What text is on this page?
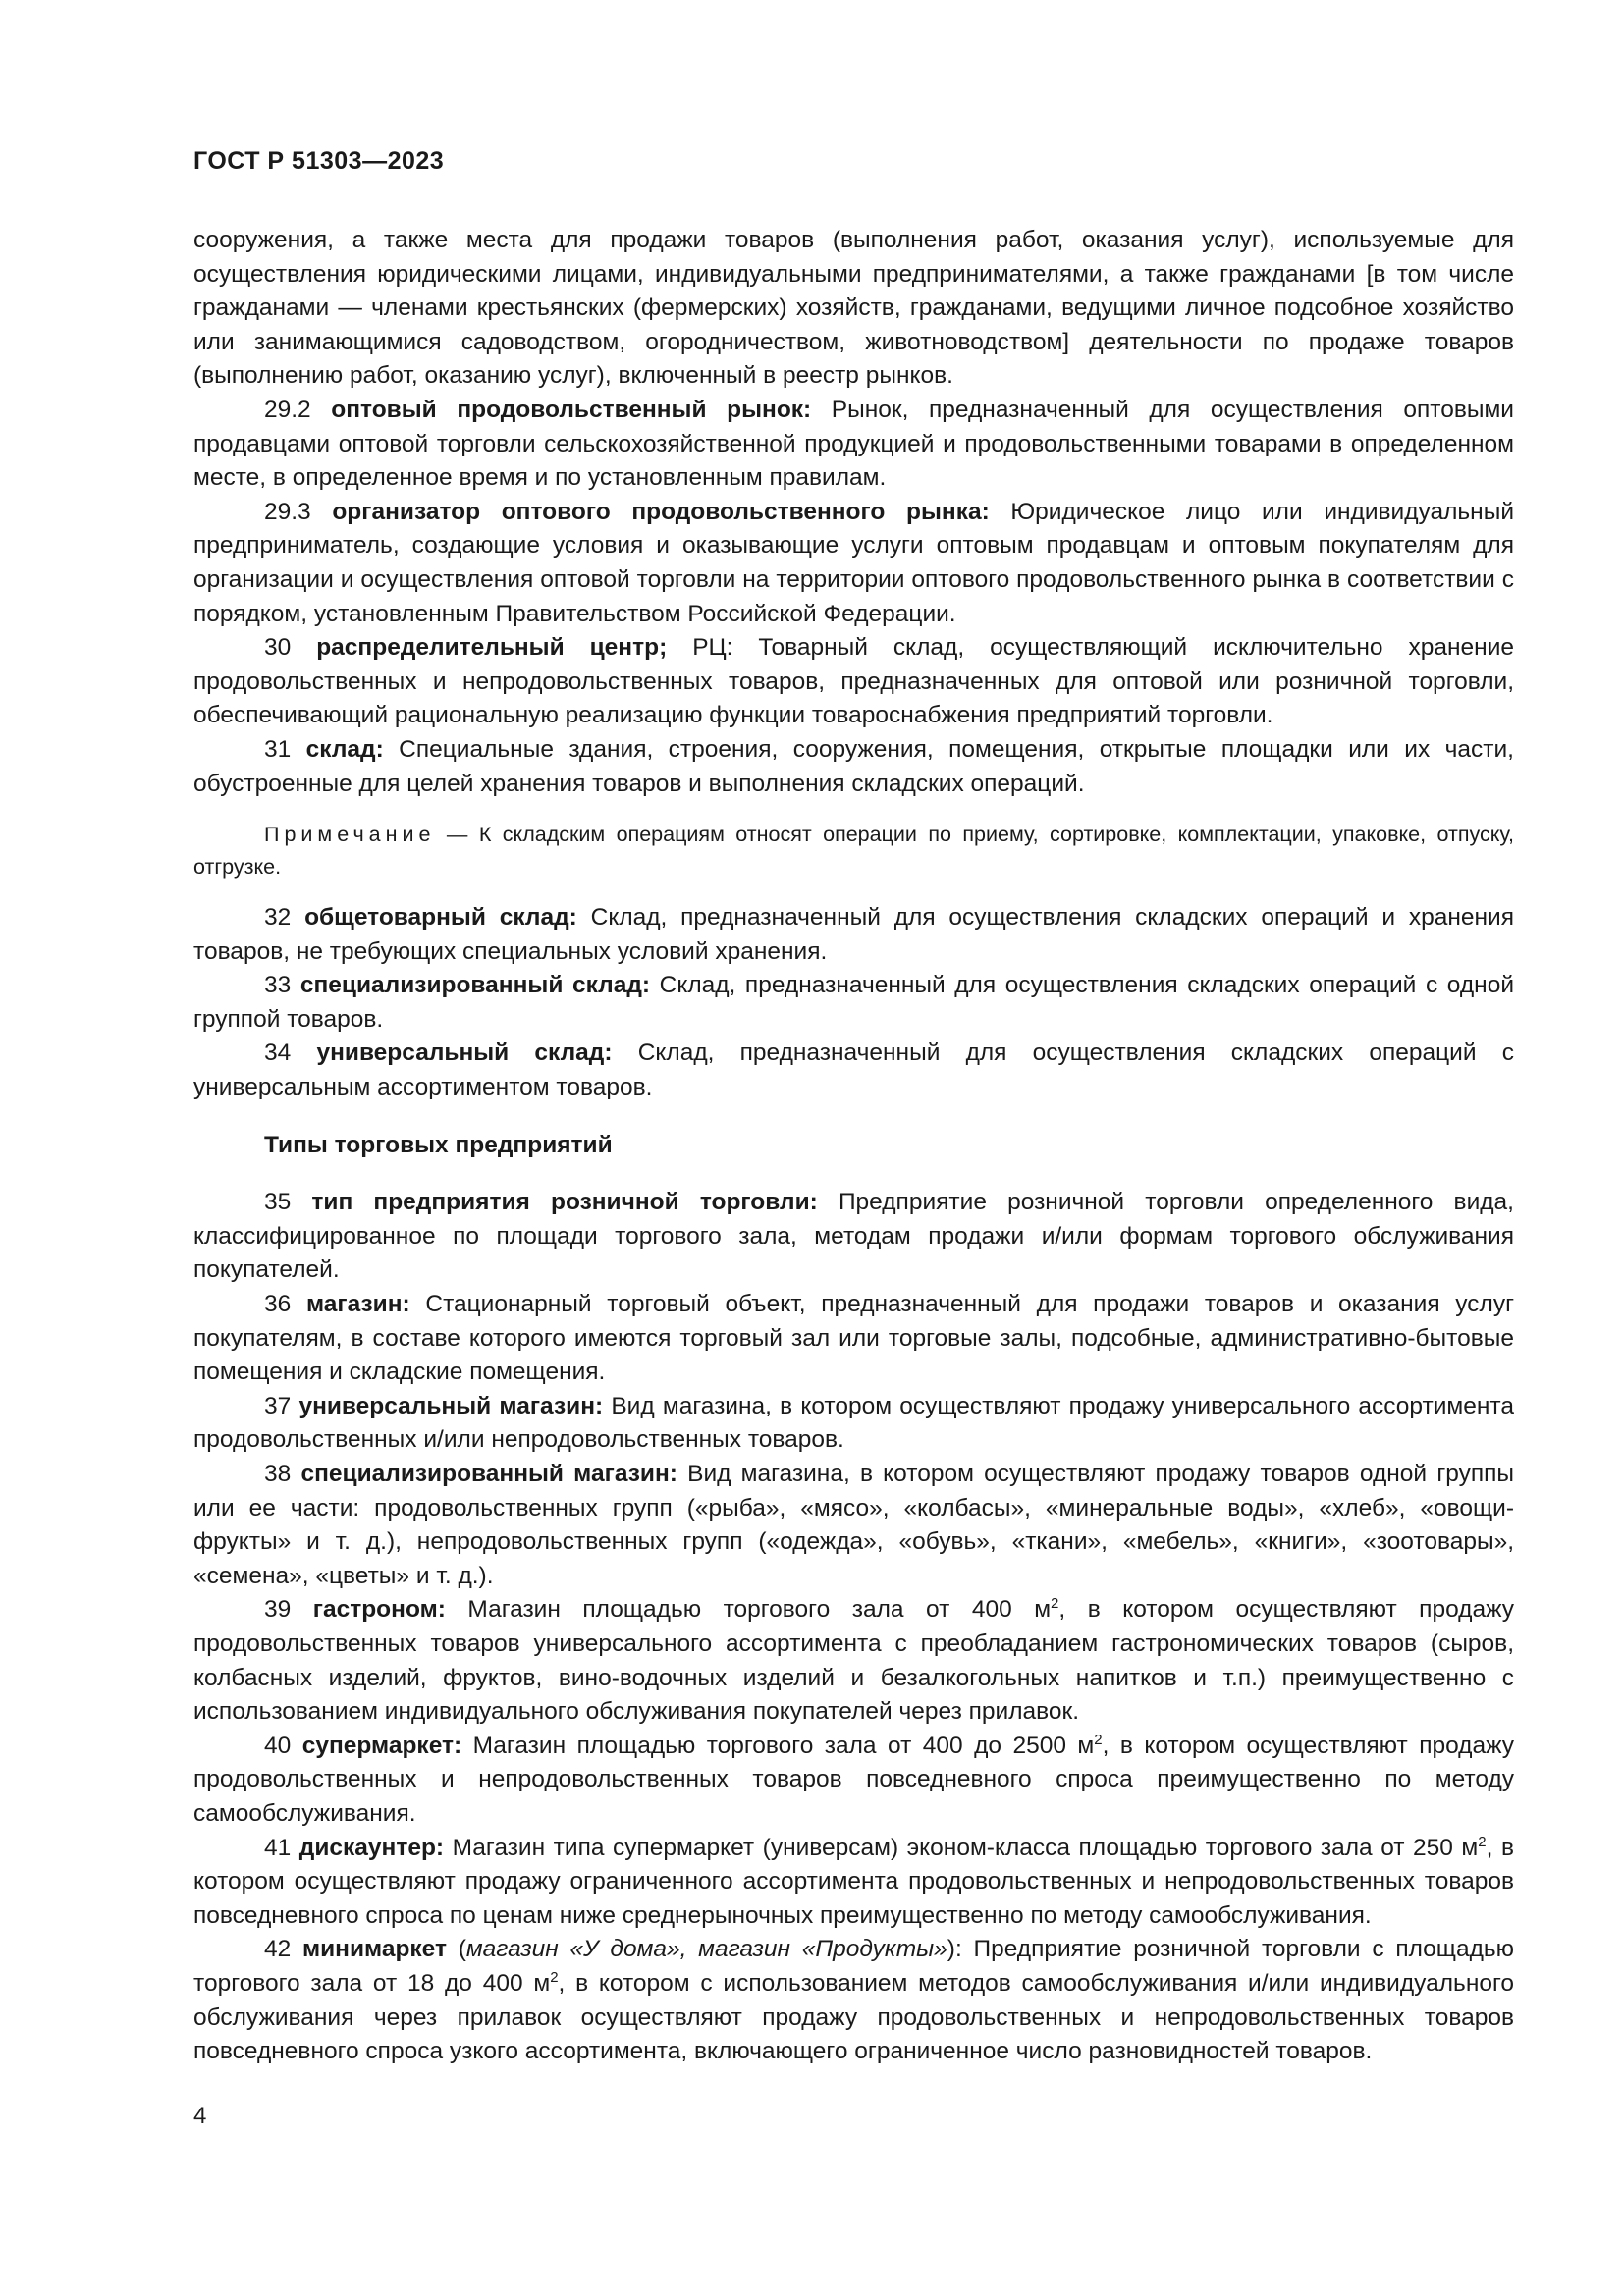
ГОСТ Р 51303—2023

сооружения, а также места для продажи товаров (выполнения работ, оказания услуг), используемые для осуществления юридическими лицами, индивидуальными предпринимателями, а также гражданами [в том числе гражданами — членами крестьянских (фермерских) хозяйств, гражданами, ведущими личное подсобное хозяйство или занимающимися садоводством, огородничеством, животноводством] деятельности по продаже товаров (выполнению работ, оказанию услуг), включенный в реестр рынков.

29.2 оптовый продовольственный рынок: Рынок, предназначенный для осуществления оптовыми продавцами оптовой торговли сельскохозяйственной продукцией и продовольственными товарами в определенном месте, в определенное время и по установленным правилам.

29.3 организатор оптового продовольственного рынка: Юридическое лицо или индивидуальный предприниматель, создающие условия и оказывающие услуги оптовым продавцам и оптовым покупателям для организации и осуществления оптовой торговли на территории оптового продовольственного рынка в соответствии с порядком, установленным Правительством Российской Федерации.

30 распределительный центр; РЦ: Товарный склад, осуществляющий исключительно хранение продовольственных и непродовольственных товаров, предназначенных для оптовой или розничной торговли, обеспечивающий рациональную реализацию функции товароснабжения предприятий торговли.

31 склад: Специальные здания, строения, сооружения, помещения, открытые площадки или их части, обустроенные для целей хранения товаров и выполнения складских операций.

Примечание — К складским операциям относят операции по приему, сортировке, комплектации, упаковке, отпуску, отгрузке.

32 общетоварный склад: Склад, предназначенный для осуществления складских операций и хранения товаров, не требующих специальных условий хранения.

33 специализированный склад: Склад, предназначенный для осуществления складских операций с одной группой товаров.

34 универсальный склад: Склад, предназначенный для осуществления складских операций с универсальным ассортиментом товаров.

Типы торговых предприятий

35 тип предприятия розничной торговли: Предприятие розничной торговли определенного вида, классифицированное по площади торгового зала, методам продажи и/или формам торгового обслуживания покупателей.

36 магазин: Стационарный торговый объект, предназначенный для продажи товаров и оказания услуг покупателям, в составе которого имеются торговый зал или торговые залы, подсобные, административно-бытовые помещения и складские помещения.

37 универсальный магазин: Вид магазина, в котором осуществляют продажу универсального ассортимента продовольственных и/или непродовольственных товаров.

38 специализированный магазин: Вид магазина, в котором осуществляют продажу товаров одной группы или ее части: продовольственных групп («рыба», «мясо», «колбасы», «минеральные воды», «хлеб», «овощи-фрукты» и т. д.), непродовольственных групп («одежда», «обувь», «ткани», «мебель», «книги», «зоотовары», «семена», «цветы» и т. д.).

39 гастроном: Магазин площадью торгового зала от 400 $м^2$, в котором осуществляют продажу продовольственных товаров универсального ассортимента с преобладанием гастрономических товаров (сыров, колбасных изделий, фруктов, вино-водочных изделий и безалкогольных напитков и т.п.) преимущественно с использованием индивидуального обслуживания покупателей через прилавок.

40 супермаркет: Магазин площадью торгового зала от 400 до 2500 $м^2$, в котором осуществляют продажу продовольственных и непродовольственных товаров повседневного спроса преимущественно по методу самообслуживания.

41 дискаунтер: Магазин типа супермаркет (универсам) эконом-класса площадью торгового зала от 250 $м^2$, в котором осуществляют продажу ограниченного ассортимента продовольственных и непродовольственных товаров повседневного спроса по ценам ниже среднерыночных преимущественно по методу самообслуживания.

42 минимаркет (магазин «У дома», магазин «Продукты»): Предприятие розничной торговли с площадью торгового зала от 18 до 400 $м^2$, в котором с использованием методов самообслуживания и/или индивидуального обслуживания через прилавок осуществляют продажу продовольственных и непродовольственных товаров повседневного спроса узкого ассортимента, включающего ограниченное число разновидностей товаров.

4
